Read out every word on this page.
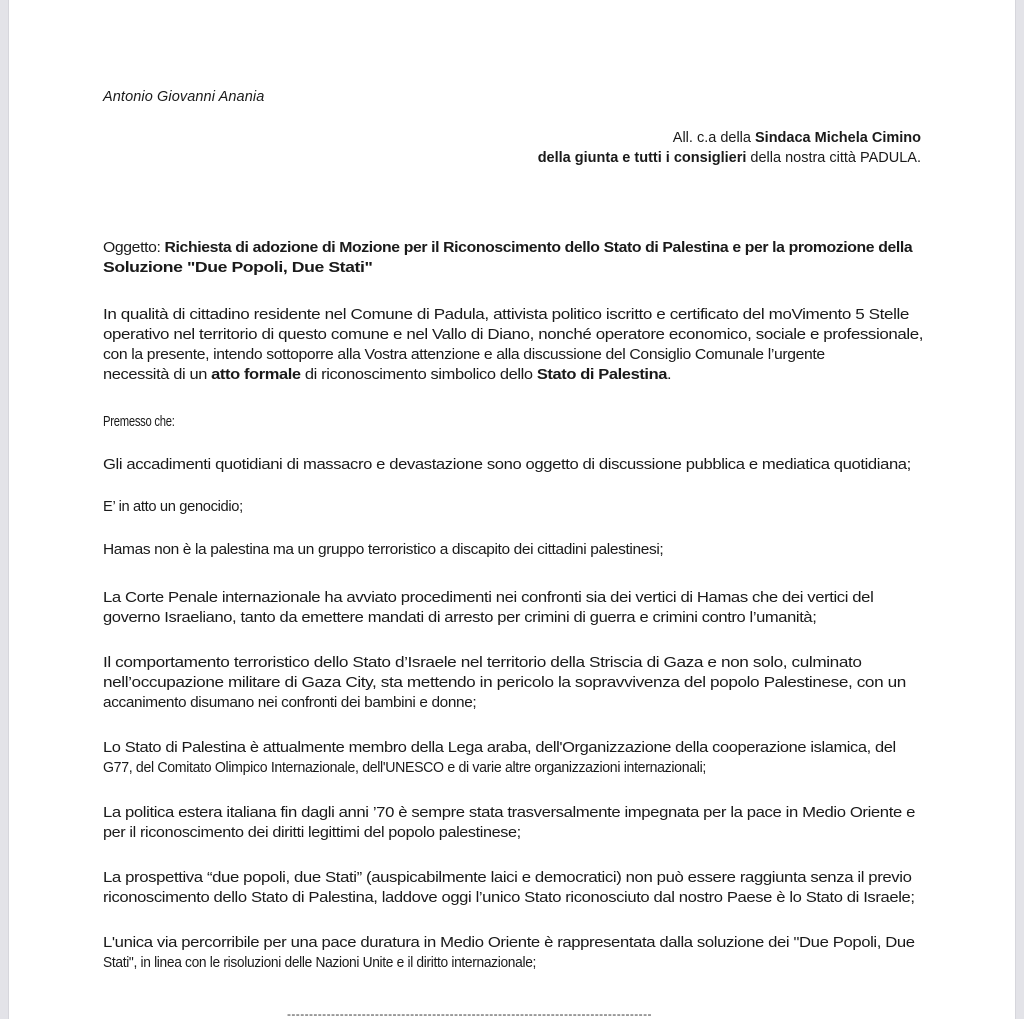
Antonio Giovanni Anania
All. c.a della Sindaca Michela Cimino
della giunta e tutti i consiglieri della nostra città PADULA.
Oggetto: Richiesta di adozione di Mozione per il Riconoscimento dello Stato di Palestina e per la promozione della
Soluzione "Due Popoli, Due Stati"
In qualità di cittadino residente nel Comune di Padula, attivista politico iscritto e certificato del moVimento 5 Stelle
operativo nel territorio di questo comune e nel Vallo di Diano, nonché operatore economico, sociale e professionale,
con la presente, intendo sottoporre alla Vostra attenzione e alla discussione del Consiglio Comunale l’urgente
necessità di un atto formale di riconoscimento simbolico dello Stato di Palestina.
Premesso che:
Gli accadimenti quotidiani di massacro e devastazione sono oggetto di discussione pubblica e mediatica quotidiana;
E’ in atto un genocidio;
Hamas non è la palestina ma un gruppo terroristico a discapito dei cittadini palestinesi;
La Corte Penale internazionale ha avviato procedimenti nei confronti sia dei vertici di Hamas che dei vertici del
governo Israeliano, tanto da emettere mandati di arresto per crimini di guerra e crimini contro l’umanità;
Il comportamento terroristico dello Stato d’Israele nel territorio della Striscia di Gaza e non solo, culminato
nell’occupazione militare di Gaza City, sta mettendo in pericolo la sopravvivenza del popolo Palestinese, con un
accanimento disumano nei confronti dei bambini e donne;
Lo Stato di Palestina è attualmente membro della Lega araba, dell'Organizzazione della cooperazione islamica, del
G77, del Comitato Olimpico Internazionale, dell'UNESCO e di varie altre organizzazioni internazionali;
La politica estera italiana fin dagli anni ’70 è sempre stata trasversalmente impegnata per la pace in Medio Oriente e
per il riconoscimento dei diritti legittimi del popolo palestinese;
La prospettiva “due popoli, due Stati” (auspicabilmente laici e democratici) non può essere raggiunta senza il previo
riconoscimento dello Stato di Palestina, laddove oggi l’unico Stato riconosciuto dal nostro Paese è lo Stato di Israele;
L'unica via percorribile per una pace duratura in Medio Oriente è rappresentata dalla soluzione dei "Due Popoli, Due
Stati", in linea con le risoluzioni delle Nazioni Unite e il diritto internazionale;
-----------------------------------------------------------------------------------
